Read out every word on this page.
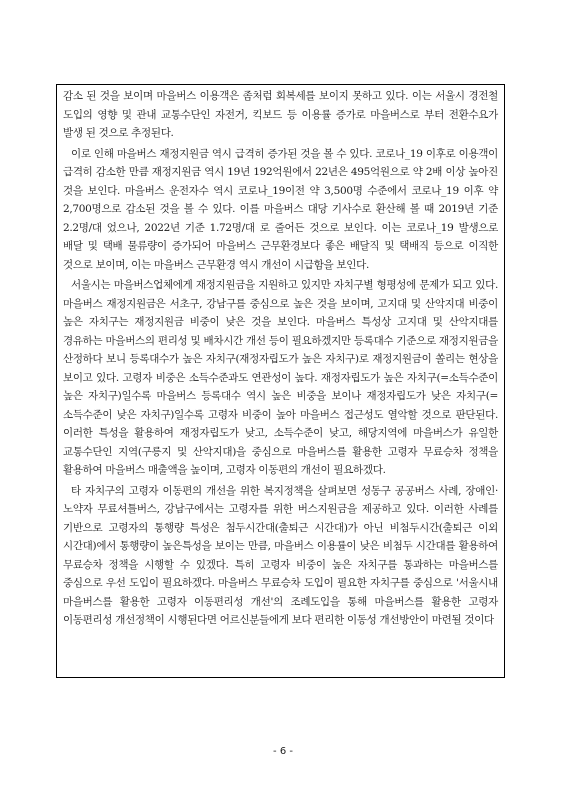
감소 된 것을 보이며 마을버스 이용객은 좀처럼 회복세를 보이지 못하고 있다. 이는 서울시 경전철 도입의 영향 및 관내 교통수단인 자전거, 킥보드 등 이용률 증가로 마을버스로 부터 전환수요가 발생 된 것으로 추정된다.

이로 인해 마을버스 재정지원금 역시 급격히 증가된 것을 볼 수 있다. 코로나_19 이후로 이용객이 급격히 감소한 만큼 재정지원금 역시 19년 192억원에서 22년은 495억원으로 약 2배 이상 높아진 것을 보인다. 마을버스 운전자수 역시 코로나_19이전 약 3,500명 수준에서 코로나_19 이후 약 2,700명으로 감소된 것을 볼 수 있다. 이를 마을버스 대당 기사수로 환산해 볼 때 2019년 기준 2.2명/대 었으나, 2022년 기준 1.72명/대 로 줄어든 것으로 보인다. 이는 코로나_19 발생으로 배달 및 택배 물류량이 증가되어 마을버스 근무환경보다 좋은 배달직 및 택배직 등으로 이직한 것으로 보이며, 이는 마을버스 근무환경 역시 개선이 시급함을 보인다.

서울시는 마을버스업체에게 재정지원금을 지원하고 있지만 자치구별 형평성에 문제가 되고 있다. 마을버스 재정지원금은 서초구, 강남구를 중심으로 높은 것을 보이며, 고지대 및 산악지대 비중이 높은 자치구는 재정지원금 비중이 낮은 것을 보인다. 마을버스 특성상 고지대 및 산악지대를 경유하는 마을버스의 편리성 및 배차시간 개선 등이 필요하겠지만 등록대수 기준으로 재정지원금을 산정하다 보니 등록대수가 높은 자치구(재정자립도가 높은 자치구)로 재정지원금이 쏠리는 현상을 보이고 있다. 고령자 비중은 소득수준과도 연관성이 높다. 재정자립도가 높은 자치구(=소득수준이 높은 자치구)일수록 마을버스 등록대수 역시 높은 비중을 보이나 재정자립도가 낮은 자치구(=소득수준이 낮은 자치구)일수록 고령자 비중이 높아 마을버스 접근성도 열악할 것으로 판단된다. 이러한 특성을 활용하여 재정자립도가 낮고, 소득수준이 낮고, 해당지역에 마을버스가 유일한 교통수단인 지역(구릉지 및 산악지대)을 중심으로 마을버스를 활용한 고령자 무료승차 정책을 활용하여 마을버스 매출액을 높이며, 고령자 이동편의 개선이 필요하겠다.

타 자치구의 고령자 이동편의 개선을 위한 복지정책을 살펴보면 성동구 공공버스 사례, 장애인·노약자 무료셔틀버스, 강남구에서는 고령자를 위한 버스지원금을 제공하고 있다. 이러한 사례를 기반으로 고령자의 통행량 특성은 첨두시간대(출퇴근 시간대)가 아닌 비첨두시간(출퇴근 이외 시간대)에서 통행량이 높은특성을 보이는 만큼, 마을버스 이용률이 낮은 비첨두 시간대를 활용하여 무료승차 정책을 시행할 수 있겠다. 특히 고령자 비중이 높은 자치구를 통과하는 마을버스를 중심으로 우선 도입이 필요하겠다. 마을버스 무료승차 도입이 필요한 자치구를 중심으로 '서울시내 마을버스를 활용한 고령자 이동편리성 개선'의 조례도입을 통해 마을버스를 활용한 고령자 이동편리성 개선정책이 시행된다면 어르신분들에게 보다 편리한 이동성 개선방안이 마련될 것이다

- 6 -
